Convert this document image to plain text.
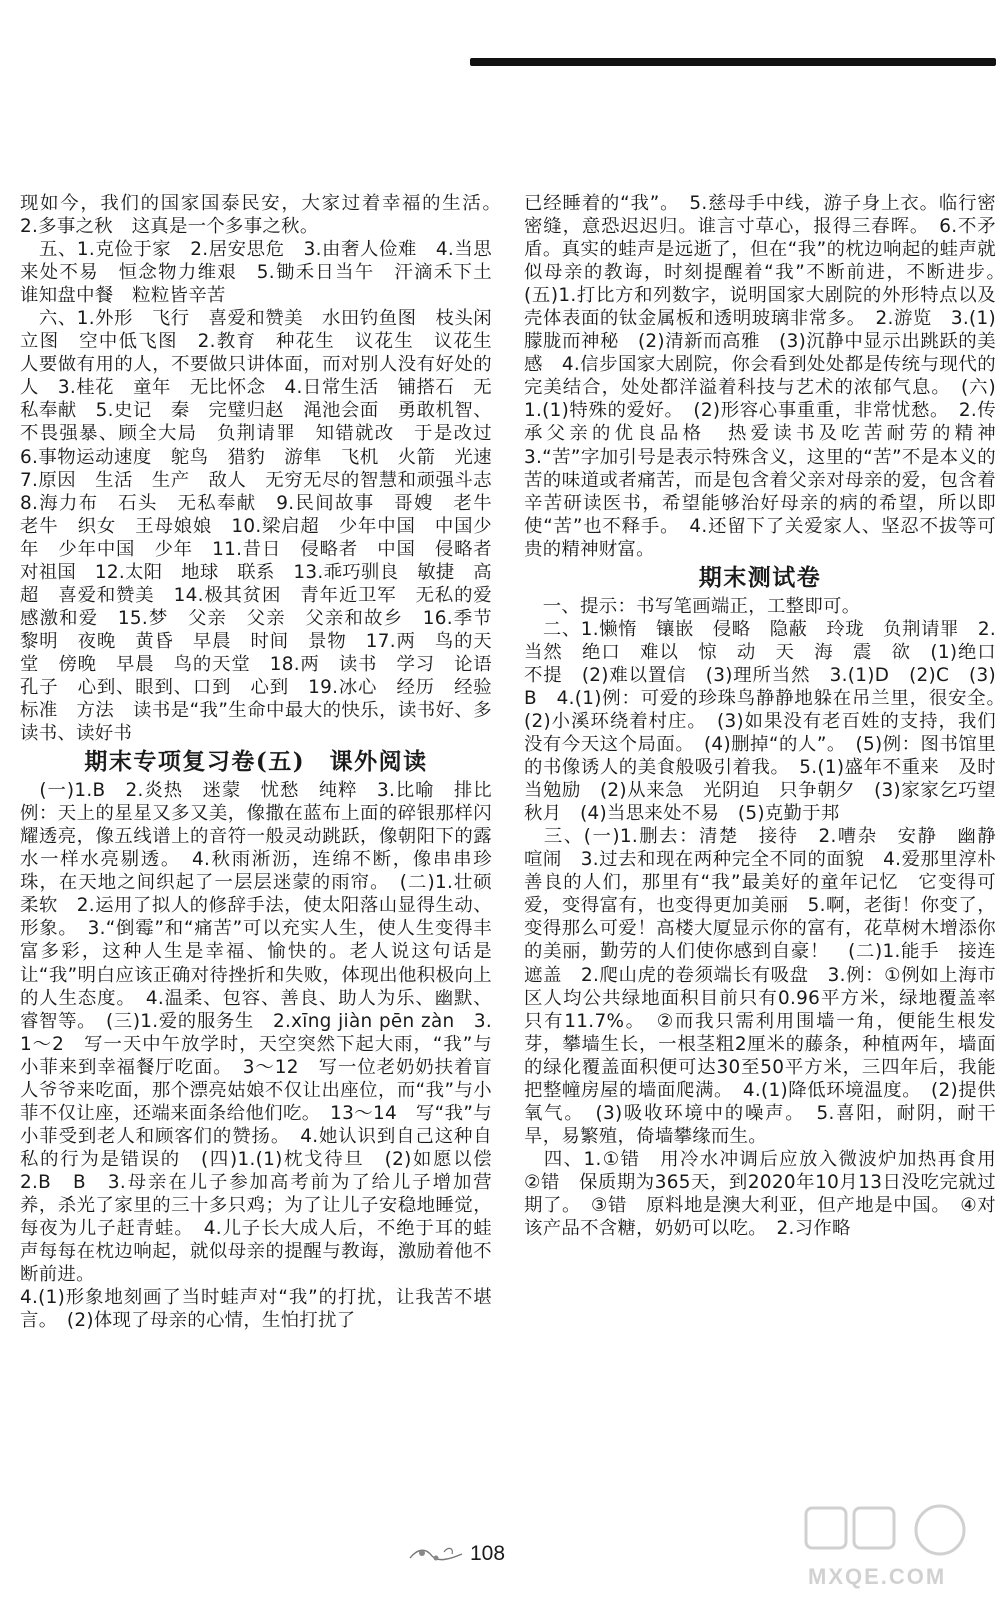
现如今，我们的国家国泰民安，大家过着幸福的生活。　2.多事之秋　这真是一个多事之秋。

　五、1.克俭于家　2.居安思危　3.由奢人俭难　4.当思来处不易　恒念物力维艰　5.锄禾日当午　汗滴禾下土　谁知盘中餐　粒粒皆辛苦

　六、1.外形　飞行　喜爱和赞美　水田钓鱼图　枝头闲立图　空中低飞图　2.教育　种花生　议花生　议花生　人要做有用的人，不要做只讲体面，而对别人没有好处的人　3.桂花　童年　无比怀念　4.日常生活　铺搭石　无私奉献　5.史记　秦　完璧归赵　渑池会面　勇敢机智、不畏强暴、顾全大局　负荆请罪　知错就改　于是改过　6.事物运动速度　鸵鸟　猎豹　游隼　飞机　火箭　光速　7.原因　生活　生产　敌人　无穷无尽的智慧和顽强斗志　8.海力布　石头　无私奉献　9.民间故事　哥嫂　老牛　老牛　织女　王母娘娘　10.梁启超　少年中国　中国少年　少年中国　少年　11.昔日　侵略者　中国　侵略者　对祖国　12.太阳　地球　联系　13.乖巧驯良　敏捷　高超　喜爱和赞美　14.极其贫困　青年近卫军　无私的爱　感激和爱　15.梦　父亲　父亲　父亲和故乡　16.季节　黎明　夜晚　黄昏　早晨　时间　景物　17.两　鸟的天堂　傍晚　早晨　鸟的天堂　18.两　读书　学习　论语　孔子　心到、眼到、口到　心到　19.冰心　经历　经验　标准　方法　读书是“我”生命中最大的快乐，读书好、多读书、读好书

期末专项复习卷(五)　课外阅读

　(一)1.B　2.炎热　迷蒙　忧愁　纯粹　3.比喻　排比　例：天上的星星又多又美，像撒在蓝布上面的碎银那样闪耀透亮，像五线谱上的音符一般灵动跳跃，像朝阳下的露水一样水亮剔透。　4.秋雨淅沥，连绵不断，像串串珍珠，在天地之间织起了一层层迷蒙的雨帘。　(二)1.壮硕　柔软　2.运用了拟人的修辞手法，使太阳落山显得生动、形象。　3.“倒霉”和“痛苦”可以充实人生，使人生变得丰富多彩，这种人生是幸福、愉快的。老人说这句话是让“我”明白应该正确对待挫折和失败，体现出他积极向上的人生态度。　4.温柔、包容、善良、助人为乐、幽默、睿智等。　(三)1.爱的服务生　2.xīng jiàn pēn zàn　3.1～2　写一天中午放学时，天空突然下起大雨，“我”与小菲来到幸福餐厅吃面。　3～12　写一位老奶奶扶着盲人爷爷来吃面，那个漂亮姑娘不仅让出座位，而“我”与小菲不仅让座，还端来面条给他们吃。　13～14　写“我”与小菲受到老人和顾客们的赞扬。　4.她认识到自己这种自私的行为是错误的　(四)1.(1)枕戈待旦　(2)如愿以偿　2.B　B　3.母亲在儿子参加高考前为了给儿子增加营养，杀光了家里的三十多只鸡；为了让儿子安稳地睡觉，每夜为儿子赶青蛙。　4.儿子长大成人后，不绝于耳的蛙声每每在枕边响起，就似母亲的提醒与教诲，激励着他不断前进。

4.(1)形象地刻画了当时蛙声对“我”的打扰，让我苦不堪言。　(2)体现了母亲的心情，生怕打扰了

已经睡着的“我”。　5.慈母手中线，游子身上衣。临行密密缝，意恐迟迟归。谁言寸草心，报得三春晖。　6.不矛盾。真实的蛙声是远逝了，但在“我”的枕边响起的蛙声就似母亲的教诲，时刻提醒着“我”不断前进，不断进步。　(五)1.打比方和列数字，说明国家大剧院的外形特点以及壳体表面的钛金属板和透明玻璃非常多。　2.游览　3.(1)朦胧而神秘　(2)清新而高雅　(3)沉静中显示出跳跃的美感　4.信步国家大剧院，你会看到处处都是传统与现代的完美结合，处处都洋溢着科技与艺术的浓郁气息。　(六)1.(1)特殊的爱好。　(2)形容心事重重，非常忧愁。　2.传承父亲的优良品格　热爱读书及吃苦耐劳的精神　3.“苦”字加引号是表示特殊含义，这里的“苦”不是本义的苦的味道或者痛苦，而是包含着父亲对母亲的爱，包含着辛苦研读医书，希望能够治好母亲的病的希望，所以即使“苦”也不释手。　4.还留下了关爱家人、坚忍不拔等可贵的精神财富。

期末测试卷

　一、提示：书写笔画端正，工整即可。

　二、1.懒惰　镶嵌　侵略　隐蔽　玲珑　负荆请罪　2.当然　绝口　难以　惊　动　天　海　震　欲　(1)绝口不提　(2)难以置信　(3)理所当然　3.(1)D　(2)C　(3)B　4.(1)例：可爱的珍珠鸟静静地躲在吊兰里，很安全。　(2)小溪环绕着村庄。　(3)如果没有老百姓的支持，我们没有今天这个局面。　(4)删掉“的人”。　(5)例：图书馆里的书像诱人的美食般吸引着我。　5.(1)盛年不重来　及时当勉励　(2)从来急　光阴迫　只争朝夕　(3)家家乞巧望秋月　(4)当思来处不易　(5)克勤于邦

　三、(一)1.删去：清楚　接待　2.嘈杂　安静　幽静　喧闹　3.过去和现在两种完全不同的面貌　4.爱那里淳朴善良的人们，那里有“我”最美好的童年记忆　它变得可爱，变得富有，也变得更加美丽　5.啊，老街！你变了，变得那么可爱！高楼大厦显示你的富有，花草树木增添你的美丽，勤劳的人们使你感到自豪！　(二)1.能手　接连　遮盖　2.爬山虎的卷须端长有吸盘　3.例：①例如上海市区人均公共绿地面积目前只有0.96平方米，绿地覆盖率只有11.7%。　②而我只需利用围墙一角，便能生根发芽，攀墙生长，一根茎粗2厘米的藤条，种植两年，墙面的绿化覆盖面积便可达30至50平方米，三四年后，我能把整幢房屋的墙面爬满。　4.(1)降低环境温度。　(2)提供氧气。　(3)吸收环境中的噪声。　5.喜阳，耐阴，耐干旱，易繁殖，倚墙攀缘而生。

　四、1.①错　用冷水冲调后应放入微波炉加热再食用　②错　保质期为365天，到2020年10月13日没吃完就过期了。　③错　原料地是澳大利亚，但产地是中国。　④对　该产品不含糖，奶奶可以吃。　2.习作略

108
MXQE.COM
